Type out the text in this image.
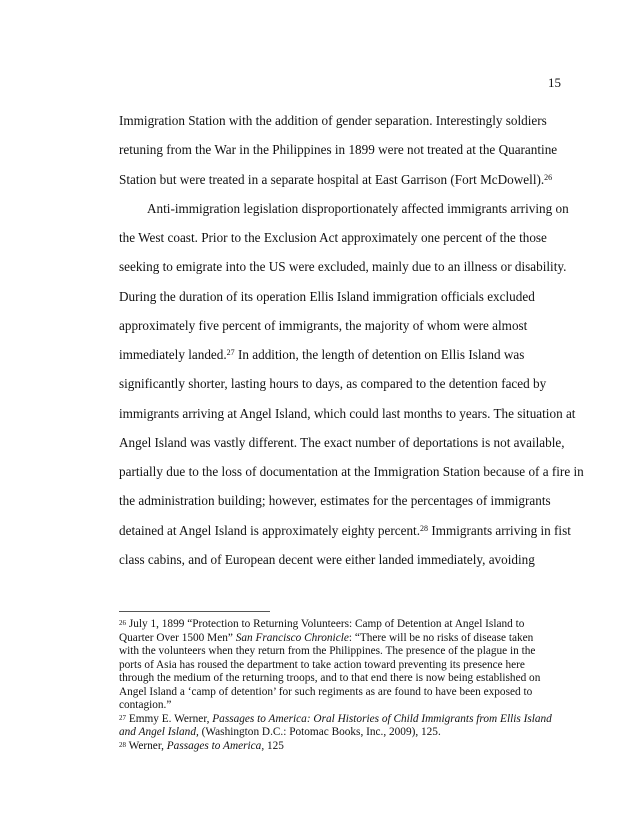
15
Immigration Station with the addition of gender separation. Interestingly soldiers
retuning from the War in the Philippines in 1899 were not treated at the Quarantine
Station but were treated in a separate hospital at East Garrison (Fort McDowell).$^{26}$
Anti-immigration legislation disproportionately affected immigrants arriving on
the West coast. Prior to the Exclusion Act approximately one percent of the those
seeking to emigrate into the US were excluded, mainly due to an illness or disability.
During the duration of its operation Ellis Island immigration officials excluded
approximately five percent of immigrants, the majority of whom were almost
immediately landed.$^{27}$ In addition, the length of detention on Ellis Island was
significantly shorter, lasting hours to days, as compared to the detention faced by
immigrants arriving at Angel Island, which could last months to years. The situation at
Angel Island was vastly different. The exact number of deportations is not available,
partially due to the loss of documentation at the Immigration Station because of a fire in
the administration building; however, estimates for the percentages of immigrants
detained at Angel Island is approximately eighty percent.$^{28}$ Immigrants arriving in fist
class cabins, and of European decent were either landed immediately, avoiding
$^{26}$ July 1, 1899 “Protection to Returning Volunteers: Camp of Detention at Angel Island to
Quarter Over 1500 Men” San Francisco Chronicle: “There will be no risks of disease taken
with the volunteers when they return from the Philippines. The presence of the plague in the
ports of Asia has roused the department to take action toward preventing its presence here
through the medium of the returning troops, and to that end there is now being established on
Angel Island a ‘camp of detention’ for such regiments as are found to have been exposed to
contagion.”
$^{27}$ Emmy E. Werner, Passages to America: Oral Histories of Child Immigrants from Ellis Island
and Angel Island, (Washington D.C.: Potomac Books, Inc., 2009), 125.
$^{28}$ Werner, Passages to America, 125
